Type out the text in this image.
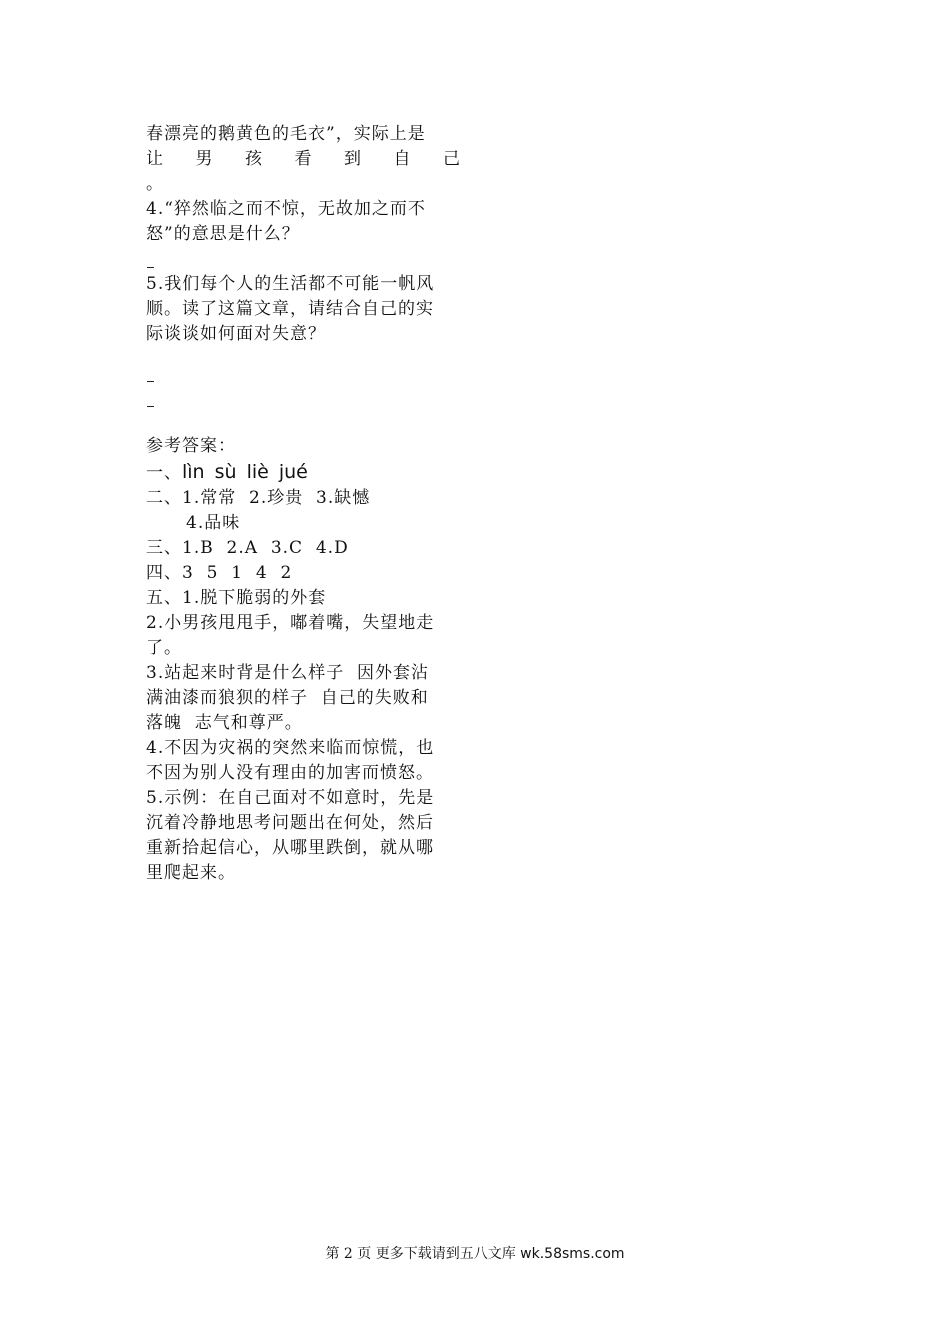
春漂亮的鹅黄色的毛衣”，实际上是
让 男 孩 看 到 自 己
。
4.“猝然临之而不惊，无故加之而不
怒”的意思是什么？
5.我们每个人的生活都不可能一帆风
顺。读了这篇文章，请结合自己的实
际谈谈如何面对失意？
参考答案：
一、lìn sù liè jué
二、1.常常  2.珍贵  3.缺憾
4.品味
三、1.B  2.A  3.C  4.D
四、3  5  1  4  2
五、1.脱下脆弱的外套
2.小男孩甩甩手，嘟着嘴，失望地走
了。
3.站起来时背是什么样子  因外套沾
满油漆而狼狈的样子  自己的失败和
落魄  志气和尊严。
4.不因为灾祸的突然来临而惊慌，也
不因为别人没有理由的加害而愤怒。
5.示例：在自己面对不如意时，先是
沉着冷静地思考问题出在何处，然后
重新拾起信心，从哪里跌倒，就从哪
里爬起来。
第 2 页 更多下载请到五八文库 wk.58sms.com
